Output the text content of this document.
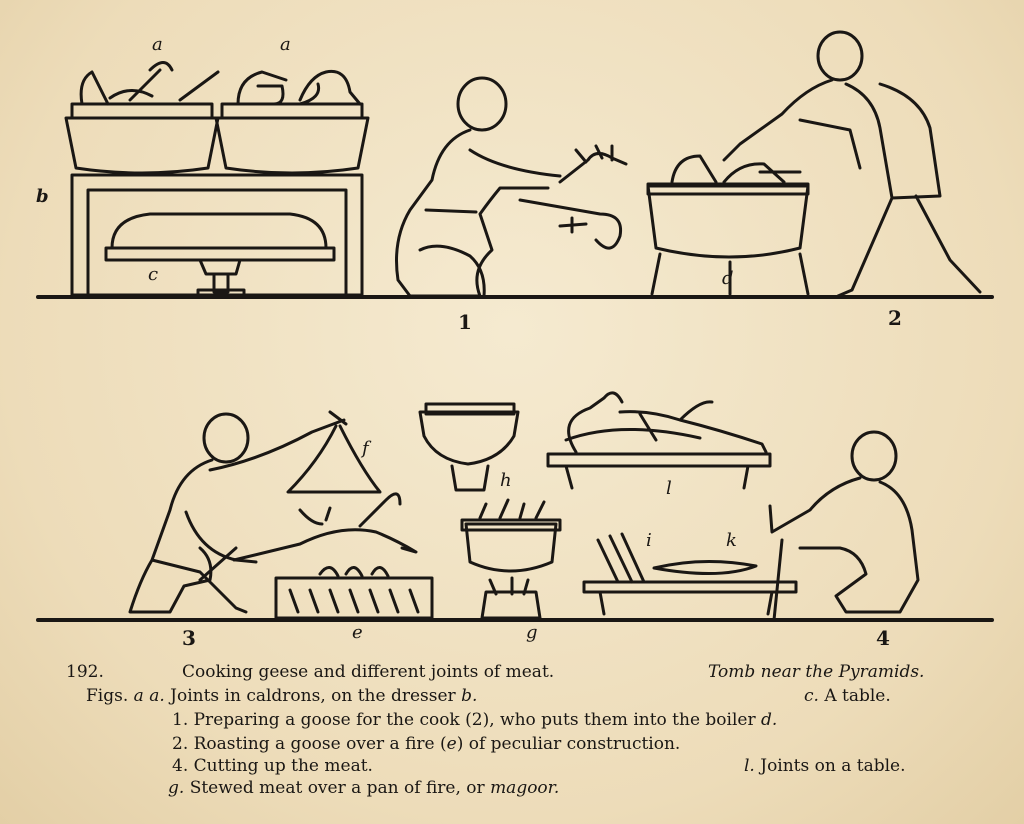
1	2
3	4
a	a
b
c	d
f
h	l
e	g
i	k
192.	Cooking geese and different joints of meat.	Tomb near the Pyramids.
Figs. a a. Joints in caldrons, on the dresser b.	c. A table.
1. Preparing a goose for the cook (2), who puts them into the boiler d.
2. Roasting a goose over a fire (e) of peculiar construction.
4. Cutting up the meat.	l. Joints on a table.
g. Stewed meat over a pan of fire, or magoor.
